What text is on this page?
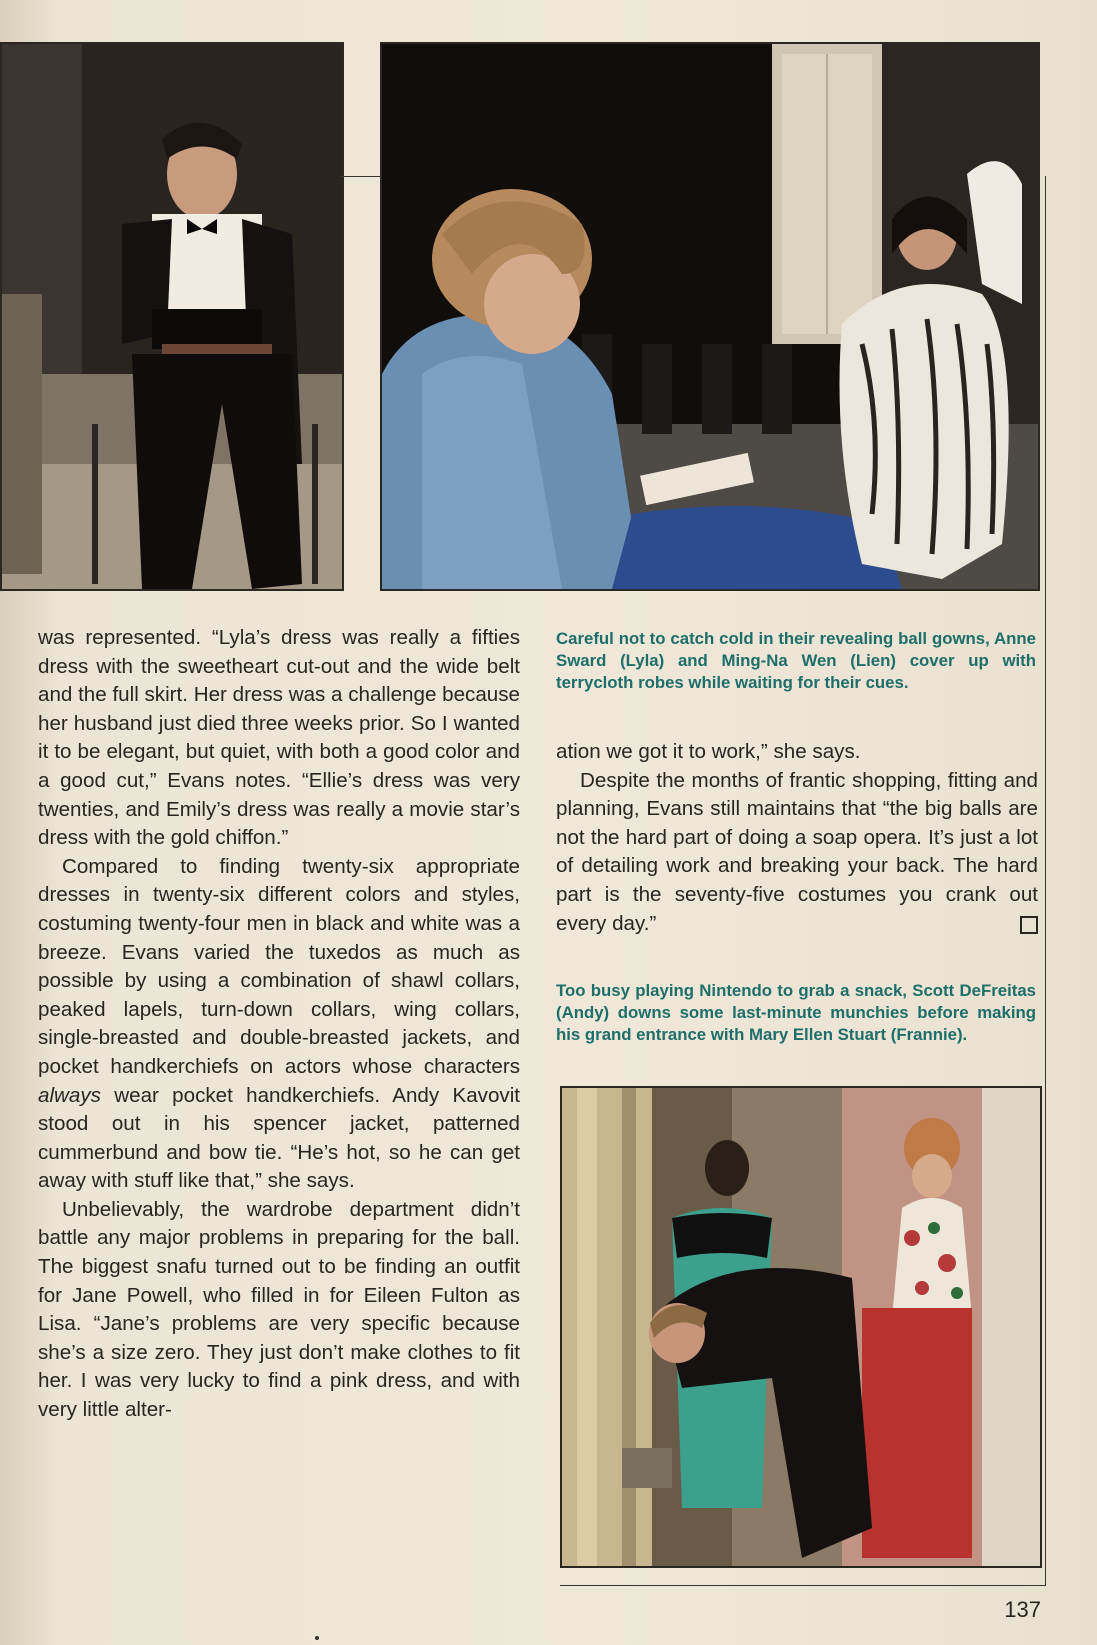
was represented. “Lyla’s dress was really a fifties dress with the sweetheart cut-out and the wide belt and the full skirt. Her dress was a challenge because her husband just died three weeks prior. So I wanted it to be elegant, but quiet, with both a good color and a good cut,” Evans notes. “Ellie’s dress was very twenties, and Emily’s dress was really a movie star’s dress with the gold chiffon.”

Compared to finding twenty-six appropriate dresses in twenty-six different colors and styles, costuming twenty-four men in black and white was a breeze. Evans varied the tuxedos as much as possible by using a combination of shawl collars, peaked lapels, turn-down collars, wing collars, single-breasted and double-breasted jackets, and pocket handkerchiefs on actors whose characters always wear pocket handkerchiefs. Andy Kavovit stood out in his spencer jacket, patterned cummerbund and bow tie. “He’s hot, so he can get away with stuff like that,” she says.

Unbelievably, the wardrobe department didn’t battle any major problems in preparing for the ball. The biggest snafu turned out to be finding an outfit for Jane Powell, who filled in for Eileen Fulton as Lisa. “Jane’s problems are very specific because she’s a size zero. They just don’t make clothes to fit her. I was very lucky to find a pink dress, and with very little alter-

Careful not to catch cold in their revealing ball gowns, Anne Sward (Lyla) and Ming-Na Wen (Lien) cover up with terrycloth robes while waiting for their cues.

ation we got it to work,” she says.

Despite the months of frantic shopping, fitting and planning, Evans still maintains that “the big balls are not the hard part of doing a soap opera. It’s just a lot of detailing work and breaking your back. The hard part is the seventy-five costumes you crank out every day.”

Too busy playing Nintendo to grab a snack, Scott DeFreitas (Andy) downs some last-minute munchies before making his grand entrance with Mary Ellen Stuart (Frannie).
137
